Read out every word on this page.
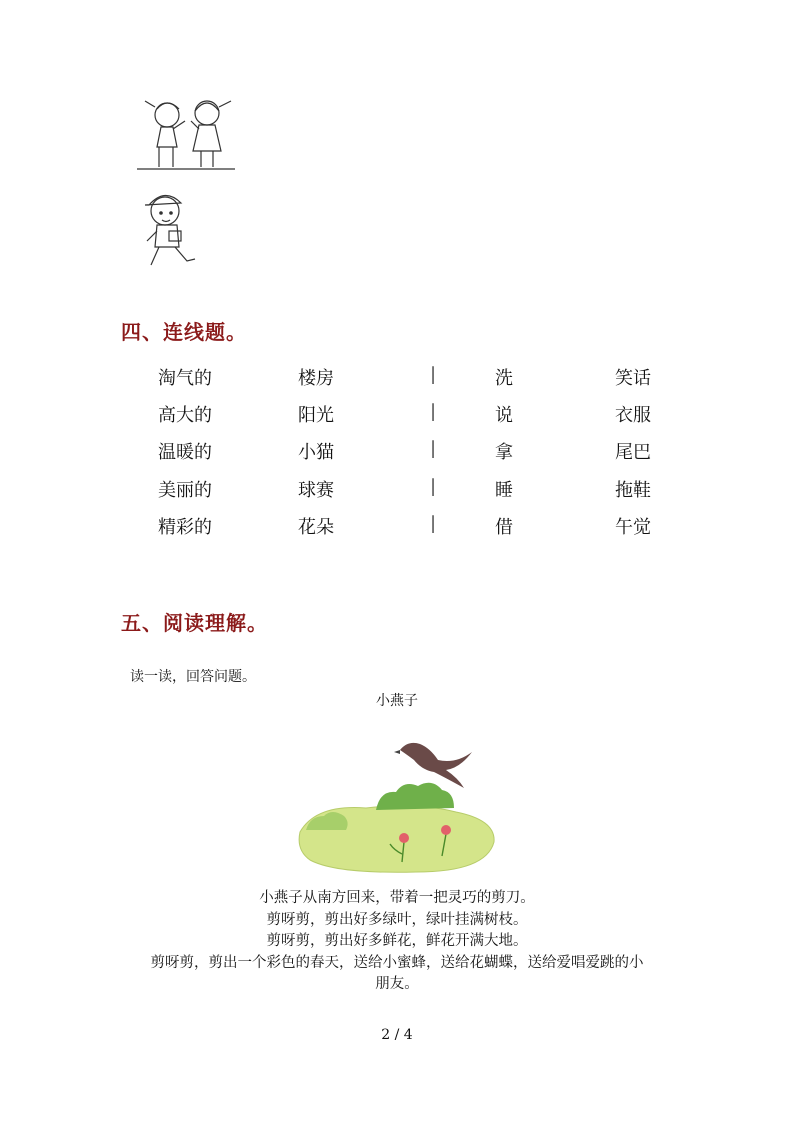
四、连线题。
淘气的	楼房	|	洗	笑话
高大的	阳光	|	说	衣服
温暖的	小猫	|	拿	尾巴
美丽的	球赛	|	睡	拖鞋
精彩的	花朵	|	借	午觉
五、阅读理解。
读一读，回答问题。
小燕子
小燕子从南方回来，带着一把灵巧的剪刀。
剪呀剪，剪出好多绿叶，绿叶挂满树枝。
剪呀剪，剪出好多鲜花，鲜花开满大地。
剪呀剪，剪出一个彩色的春天，送给小蜜蜂，送给花蝴蝶，送给爱唱爱跳的小
朋友。
2 / 4
